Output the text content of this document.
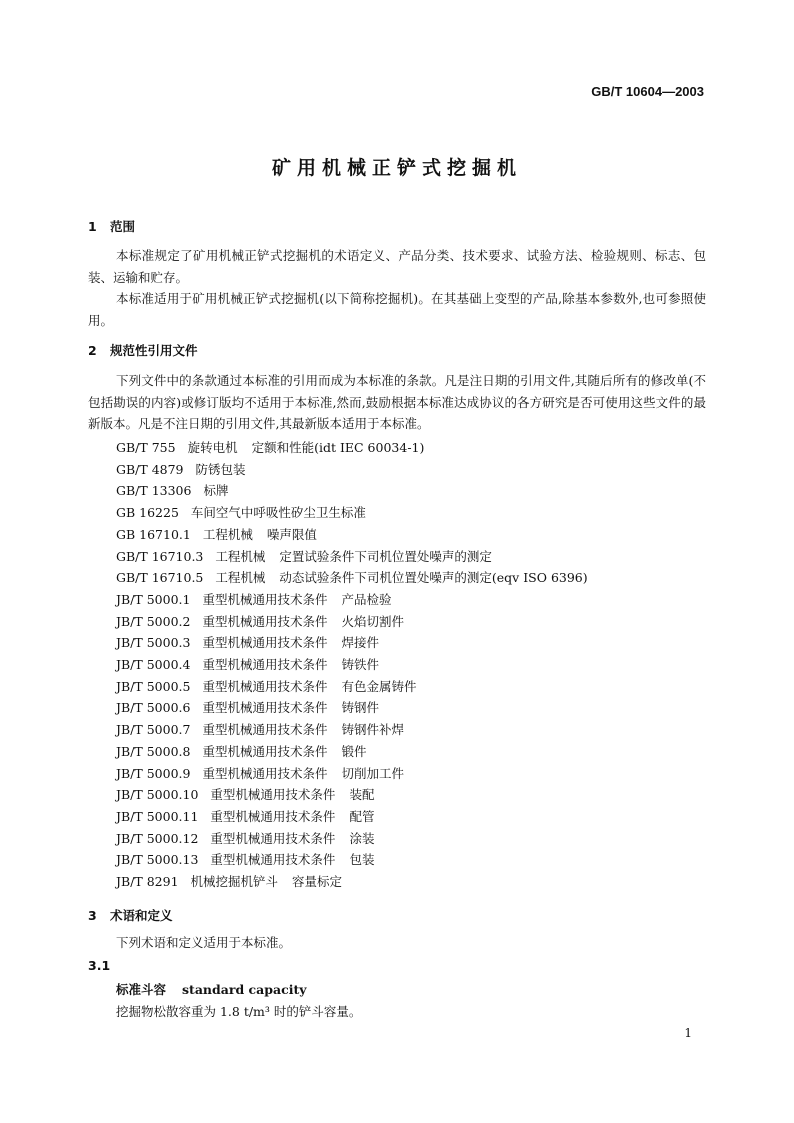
GB/T 10604—2003
矿用机械正铲式挖掘机
1 范围
本标准规定了矿用机械正铲式挖掘机的术语定义、产品分类、技术要求、试验方法、检验规则、标志、包装、运输和贮存。
本标准适用于矿用机械正铲式挖掘机(以下简称挖掘机)。在其基础上变型的产品,除基本参数外,也可参照使用。
2 规范性引用文件
下列文件中的条款通过本标准的引用而成为本标准的条款。凡是注日期的引用文件,其随后所有的修改单(不包括勘误的内容)或修订版均不适用于本标准,然而,鼓励根据本标准达成协议的各方研究是否可使用这些文件的最新版本。凡是不注日期的引用文件,其最新版本适用于本标准。
GB/T 755 旋转电机 定额和性能(idt IEC 60034-1)
GB/T 4879 防锈包装
GB/T 13306 标牌
GB 16225 车间空气中呼吸性矽尘卫生标准
GB 16710.1 工程机械 噪声限值
GB/T 16710.3 工程机械 定置试验条件下司机位置处噪声的测定
GB/T 16710.5 工程机械 动态试验条件下司机位置处噪声的测定(eqv ISO 6396)
JB/T 5000.1 重型机械通用技术条件 产品检验
JB/T 5000.2 重型机械通用技术条件 火焰切割件
JB/T 5000.3 重型机械通用技术条件 焊接件
JB/T 5000.4 重型机械通用技术条件 铸铁件
JB/T 5000.5 重型机械通用技术条件 有色金属铸件
JB/T 5000.6 重型机械通用技术条件 铸钢件
JB/T 5000.7 重型机械通用技术条件 铸钢件补焊
JB/T 5000.8 重型机械通用技术条件 锻件
JB/T 5000.9 重型机械通用技术条件 切削加工件
JB/T 5000.10 重型机械通用技术条件 装配
JB/T 5000.11 重型机械通用技术条件 配管
JB/T 5000.12 重型机械通用技术条件 涂装
JB/T 5000.13 重型机械通用技术条件 包装
JB/T 8291 机械挖掘机铲斗 容量标定
3 术语和定义
下列术语和定义适用于本标准。
3.1
标准斗容 standard capacity
挖掘物松散容重为 1.8 t/m³ 时的铲斗容量。
1
